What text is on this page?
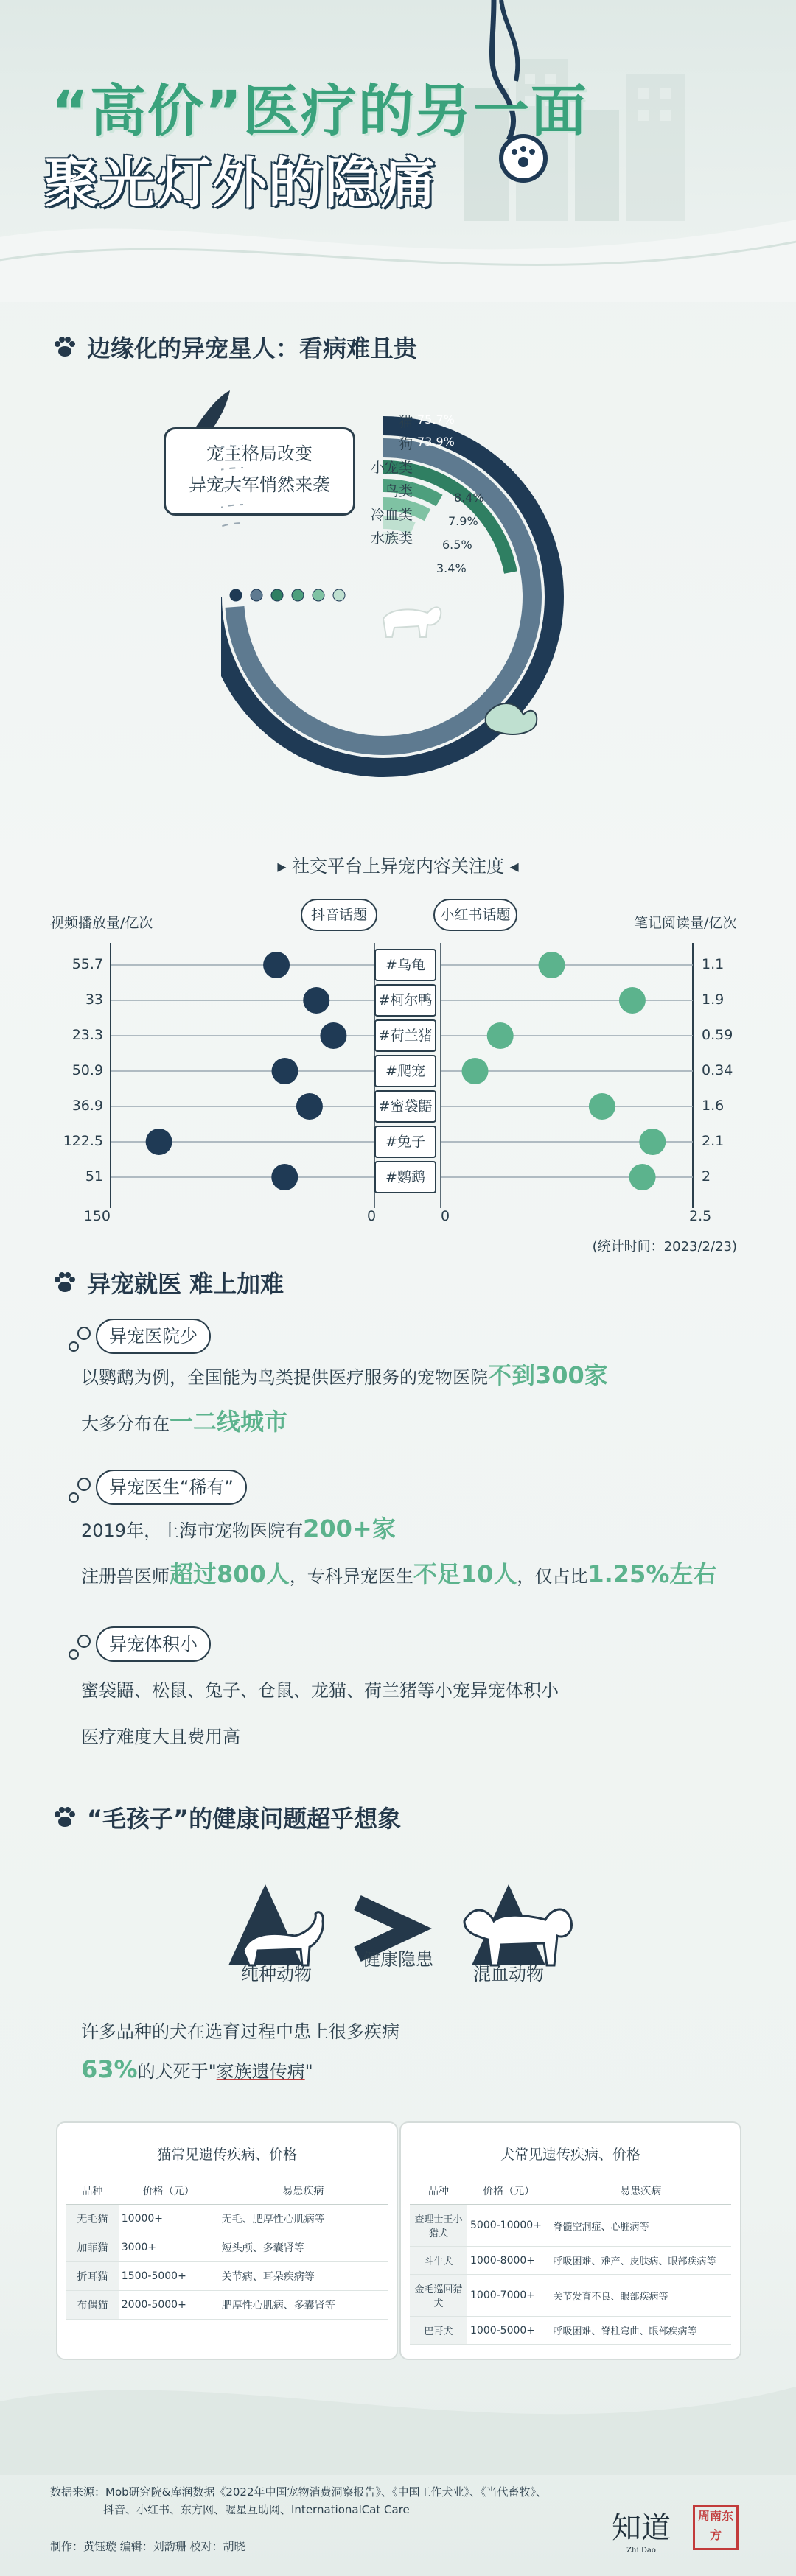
“高价”医疗的另一面
聚光灯外的隐痛
边缘化的异宠星人：看病难且贵
宠主格局改变
异宠大军悄然来袭
猫 75.7%
狗 73.9%
小宠类
鸟类	8.4%
冷血类	7.9%
水族类	6.5%
3.4%
▸ 社交平台上异宠内容关注度 ◂
视频播放量/亿次	笔记阅读量/亿次
抖音话题	小红书话题
#乌龟
55.7	1.1
#柯尔鸭
33	1.9
#荷兰猪
23.3	0.59
#爬宠
50.9	0.34
#蜜袋鼯
36.9	1.6
#兔子
122.5	2.1
#鹦鹉
51	2
150	0	0	2.5
(统计时间：2023/2/23)
异宠就医 难上加难
异宠医院少
以鹦鹉为例，全国能为鸟类提供医疗服务的宠物医院不到300家
大多分布在一二线城市
异宠医生“稀有”
2019年，上海市宠物医院有200+家
注册兽医师超过800人，专科异宠医生不足10人，仅占比1.25%左右
异宠体积小
蜜袋鼯、松鼠、兔子、仓鼠、龙猫、荷兰猪等小宠异宠体积小
医疗难度大且费用高
“毛孩子”的健康问题超乎想象
纯种动物
健康隐患
混血动物
许多品种的犬在选育过程中患上很多疾病
63%的犬死于"家族遗传病"
猫常见遗传疾病、价格
品种	价格（元）	易患疾病
无毛猫	10000+	无毛、肥厚性心肌病等
加菲猫	3000+	短头颅、多囊肾等
折耳猫	1500-5000+	关节病、耳朵疾病等
布偶猫	2000-5000+	肥厚性心肌病、多囊肾等
犬常见遗传疾病、价格
品种	价格（元）	易患疾病
查理士王小猎犬	5000-10000+	脊髓空洞症、心脏病等
斗牛犬	1000-8000+	呼吸困难、难产、皮肤病、眼部疾病等
金毛巡回猎犬	1000-7000+	关节发育不良、眼部疾病等
巴哥犬	1000-5000+	呼吸困难、脊柱弯曲、眼部疾病等
数据来源：Mob研究院&库润数据《2022年中国宠物消费洞察报告》、《中国工作犬业》、《当代畜牧》、
抖音、小红书、东方网、喔星互助网、InternationalCat Care
制作：黄钰璇 编辑：刘韵珊 校对：胡晓
知道
Zhi Dao
周南东方
